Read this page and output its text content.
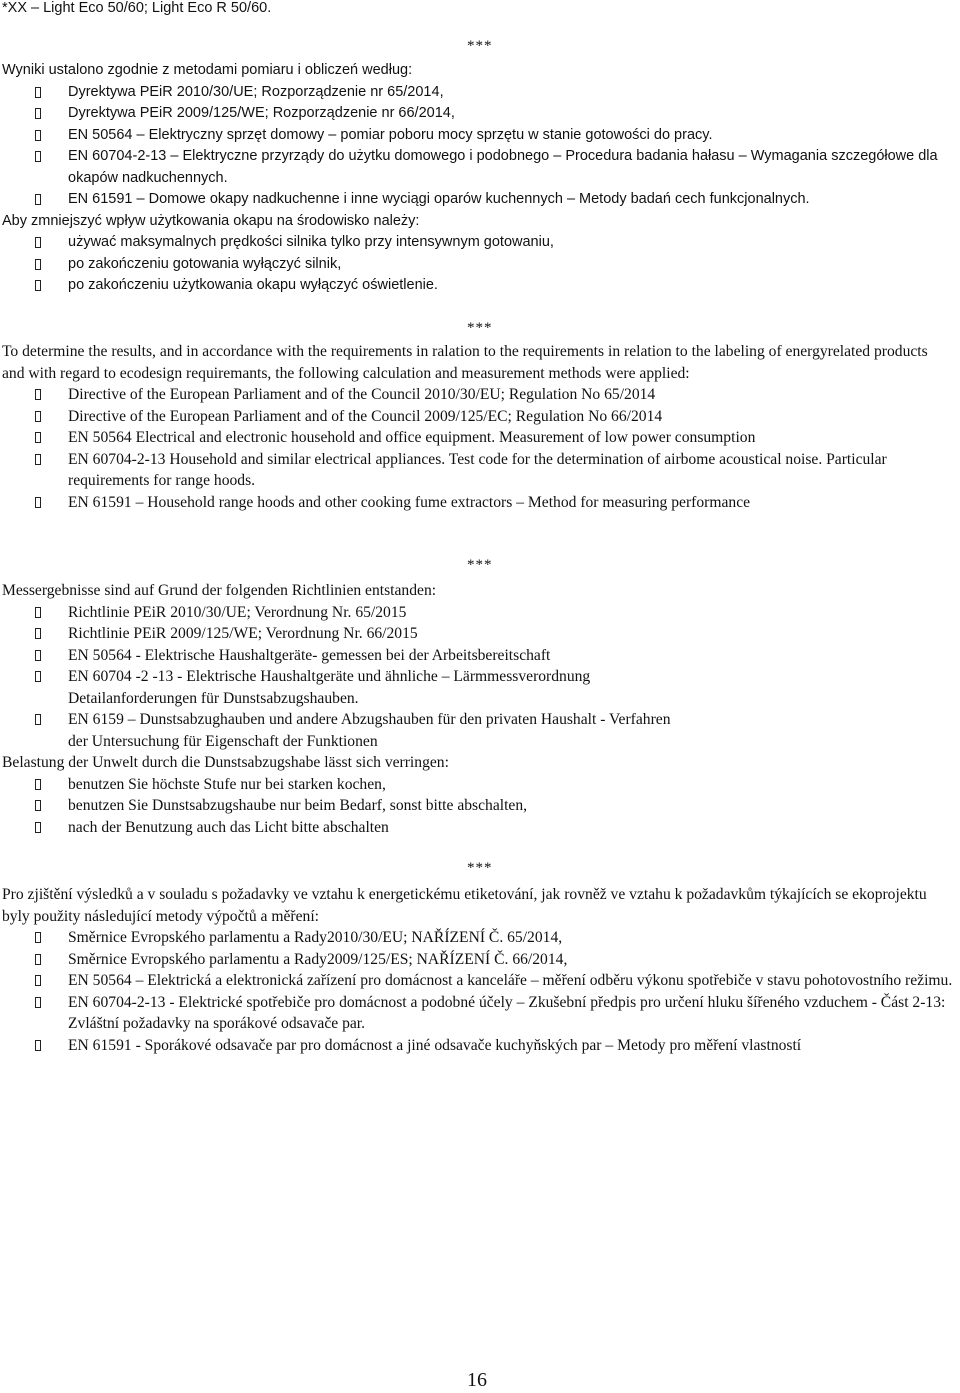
*XX – Light Eco 50/60; Light Eco R 50/60.
***

Wyniki ustalono zgodnie z metodami pomiaru i obliczeń według:

Dyrektywa PEiR 2010/30/UE; Rozporządzenie nr 65/2014,
Dyrektywa PEiR 2009/125/WE; Rozporządzenie nr 66/2014,
EN 50564 – Elektryczny sprzęt domowy – pomiar poboru mocy sprzętu w stanie gotowości do pracy.
EN 60704-2-13 – Elektryczne przyrządy do użytku domowego i podobnego – Procedura badania hałasu – Wymagania szczegółowe dla okapów nadkuchennych.
EN 61591 – Domowe okapy nadkuchenne i inne wyciągi oparów kuchennych – Metody badań cech funkcjonalnych.

Aby zmniejszyć wpływ użytkowania okapu na środowisko należy:

używać maksymalnych prędkości silnika tylko przy intensywnym gotowaniu,
po zakończeniu gotowania wyłączyć silnik,
po zakończeniu użytkowania okapu wyłączyć oświetlenie.
***

To determine the results, and in accordance with the requirements in ralation to the requirements in relation to the labeling of energyrelated products and with regard to ecodesign requiremants, the following calculation and measurement methods were applied:

Directive of the European Parliament and of the Council 2010/30/EU; Regulation No 65/2014
Directive of the European Parliament and of the Council 2009/125/EC; Regulation No 66/2014
EN 50564 Electrical and electronic household and office equipment. Measurement of low power consumption
EN 60704-2-13 Household and similar electrical appliances. Test code for the determination of airbome acoustical noise. Particular requirements for range hoods.
EN 61591 – Household range hoods and other cooking fume extractors – Method for measuring performance
***

Messergebnisse sind auf Grund der folgenden Richtlinien entstanden:

Richtlinie PEiR 2010/30/UE; Verordnung Nr. 65/2015
Richtlinie PEiR 2009/125/WE; Verordnung Nr. 66/2015
EN 50564 - Elektrische Haushaltgeräte- gemessen bei der Arbeitsbereitschaft
EN 60704 -2 -13 - Elektrische Haushaltgeräte und ähnliche – Lärmmessverordnung Detailanforderungen für Dunstsabzugshauben.
EN 6159 – Dunstsabzughauben und andere Abzugshauben für den privaten Haushalt - Verfahren der Untersuchung für Eigenschaft der Funktionen

Belastung der Unwelt durch die Dunstsabzugshabe lässt sich verringen:

benutzen Sie höchste Stufe nur bei starken kochen,
benutzen Sie Dunstsabzugshaube nur beim Bedarf, sonst bitte abschalten,
nach der Benutzung auch das Licht bitte abschalten
***

Pro zjištění výsledků a v souladu s požadavky ve vztahu k energetickému etiketování, jak rovněž ve vztahu k požadavkům týkajících se ekoprojektu byly použity následující metody výpočtů a měření:

Směrnice Evropského parlamentu a Rady2010/30/EU; NAŘÍZENÍ Č. 65/2014,
Směrnice Evropského parlamentu a Rady2009/125/ES; NAŘÍZENÍ Č. 66/2014,
EN 50564 – Elektrická a elektronická zařízení pro domácnost a kanceláře – měření odběru výkonu spotřebiče v stavu pohotovostního režimu.
EN 60704-2-13 - Elektrické spotřebiče pro domácnost a podobné účely – Zkušební předpis pro určení hluku šířeného vzduchem - Část 2-13: Zvláštní požadavky na sporákové odsavače par.
EN 61591 - Sporákové odsavače par pro domácnost a jiné odsavače kuchyňských par – Metody pro měření vlastností
16
